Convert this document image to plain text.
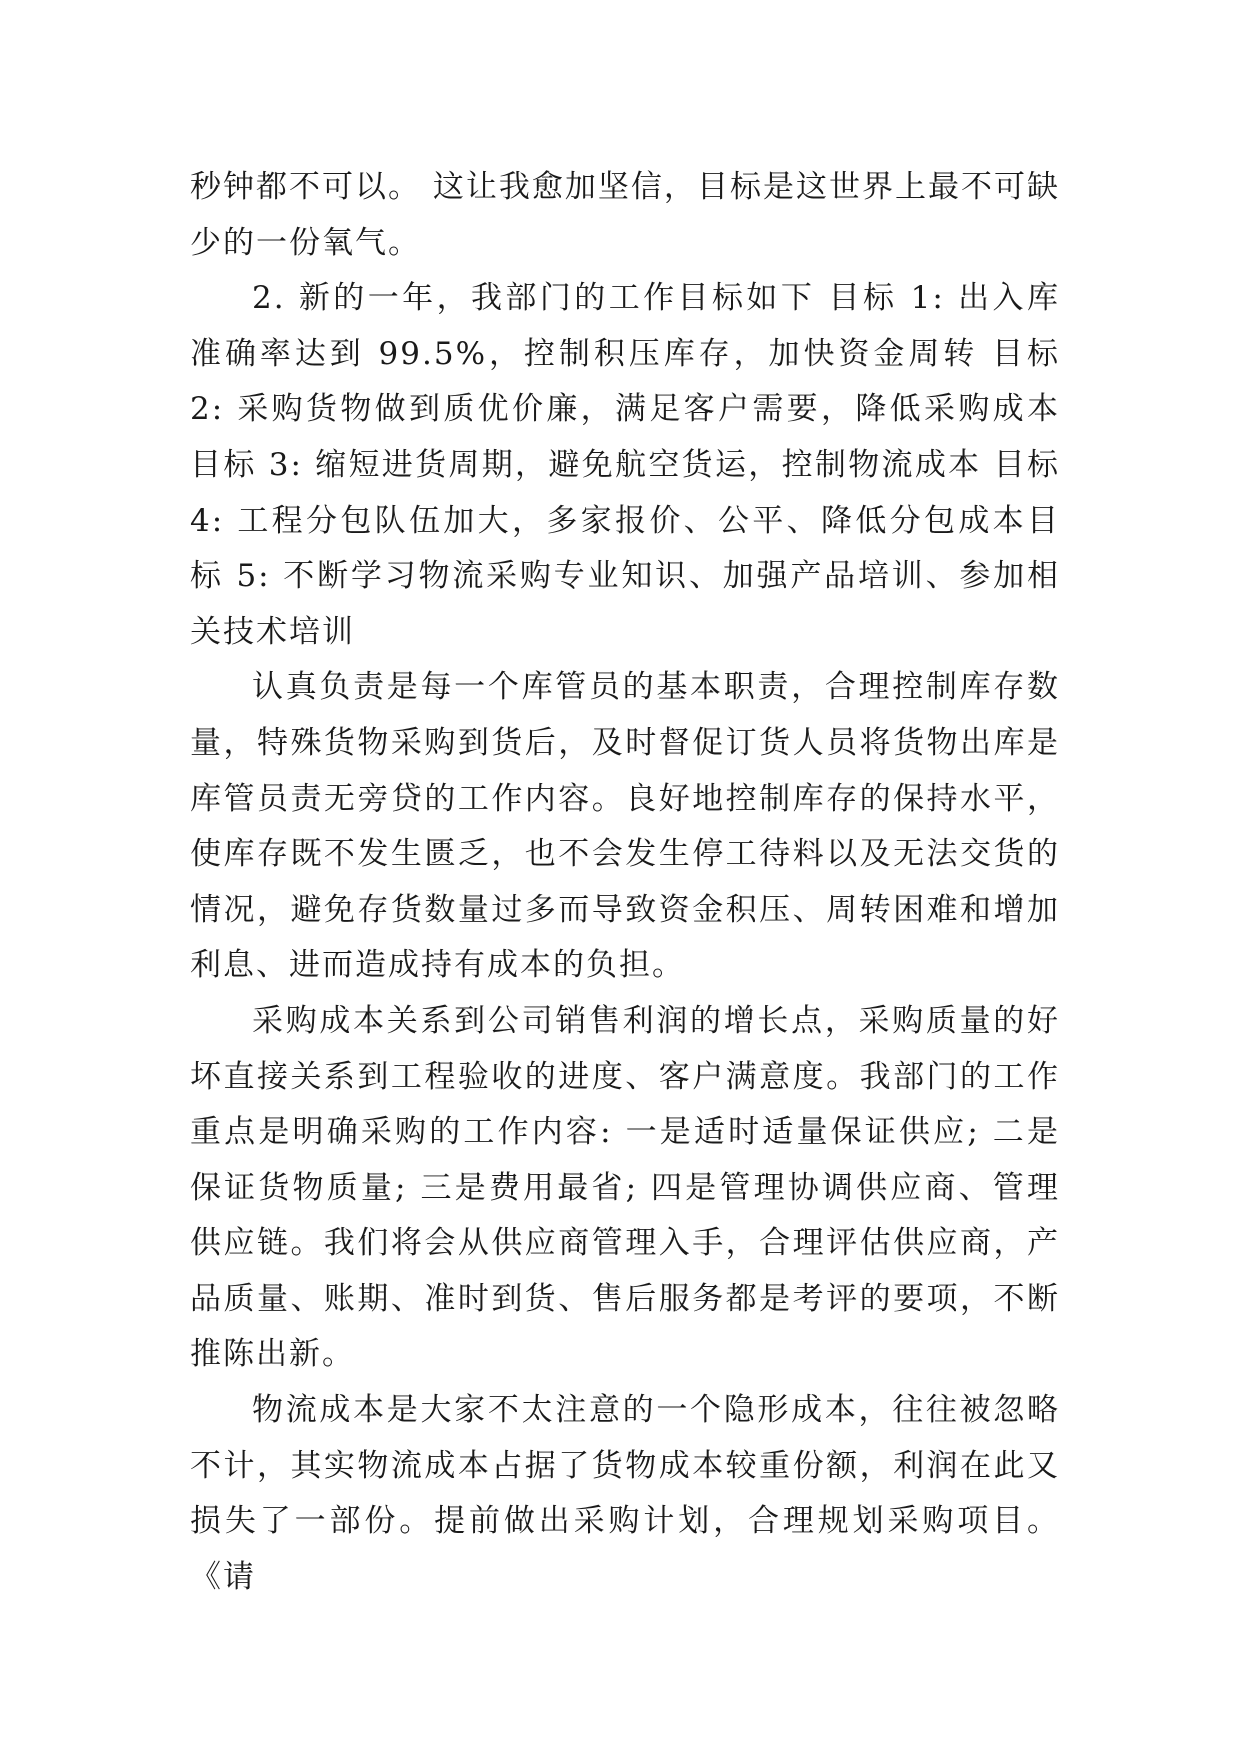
秒钟都不可以。 这让我愈加坚信，目标是这世界上最不可缺少的一份氧气。

2. 新的一年，我部门的工作目标如下 目标 1: 出入库准确率达到 99.5%，控制积压库存，加快资金周转 目标 2: 采购货物做到质优价廉，满足客户需要，降低采购成本 目标 3: 缩短进货周期，避免航空货运，控制物流成本 目标 4: 工程分包队伍加大，多家报价、公平、降低分包成本目标 5: 不断学习物流采购专业知识、加强产品培训、参加相关技术培训

认真负责是每一个库管员的基本职责，合理控制库存数量，特殊货物采购到货后，及时督促订货人员将货物出库是库管员责无旁贷的工作内容。良好地控制库存的保持水平，使库存既不发生匮乏，也不会发生停工待料以及无法交货的情况，避免存货数量过多而导致资金积压、周转困难和增加利息、进而造成持有成本的负担。

采购成本关系到公司销售利润的增长点，采购质量的好坏直接关系到工程验收的进度、客户满意度。我部门的工作重点是明确采购的工作内容: 一是适时适量保证供应; 二是保证货物质量; 三是费用最省; 四是管理协调供应商、管理供应链。我们将会从供应商管理入手，合理评估供应商，产品质量、账期、准时到货、售后服务都是考评的要项，不断推陈出新。

物流成本是大家不太注意的一个隐形成本，往往被忽略不计，其实物流成本占据了货物成本较重份额，利润在此又损失了一部份。提前做出采购计划，合理规划采购项目。《请
